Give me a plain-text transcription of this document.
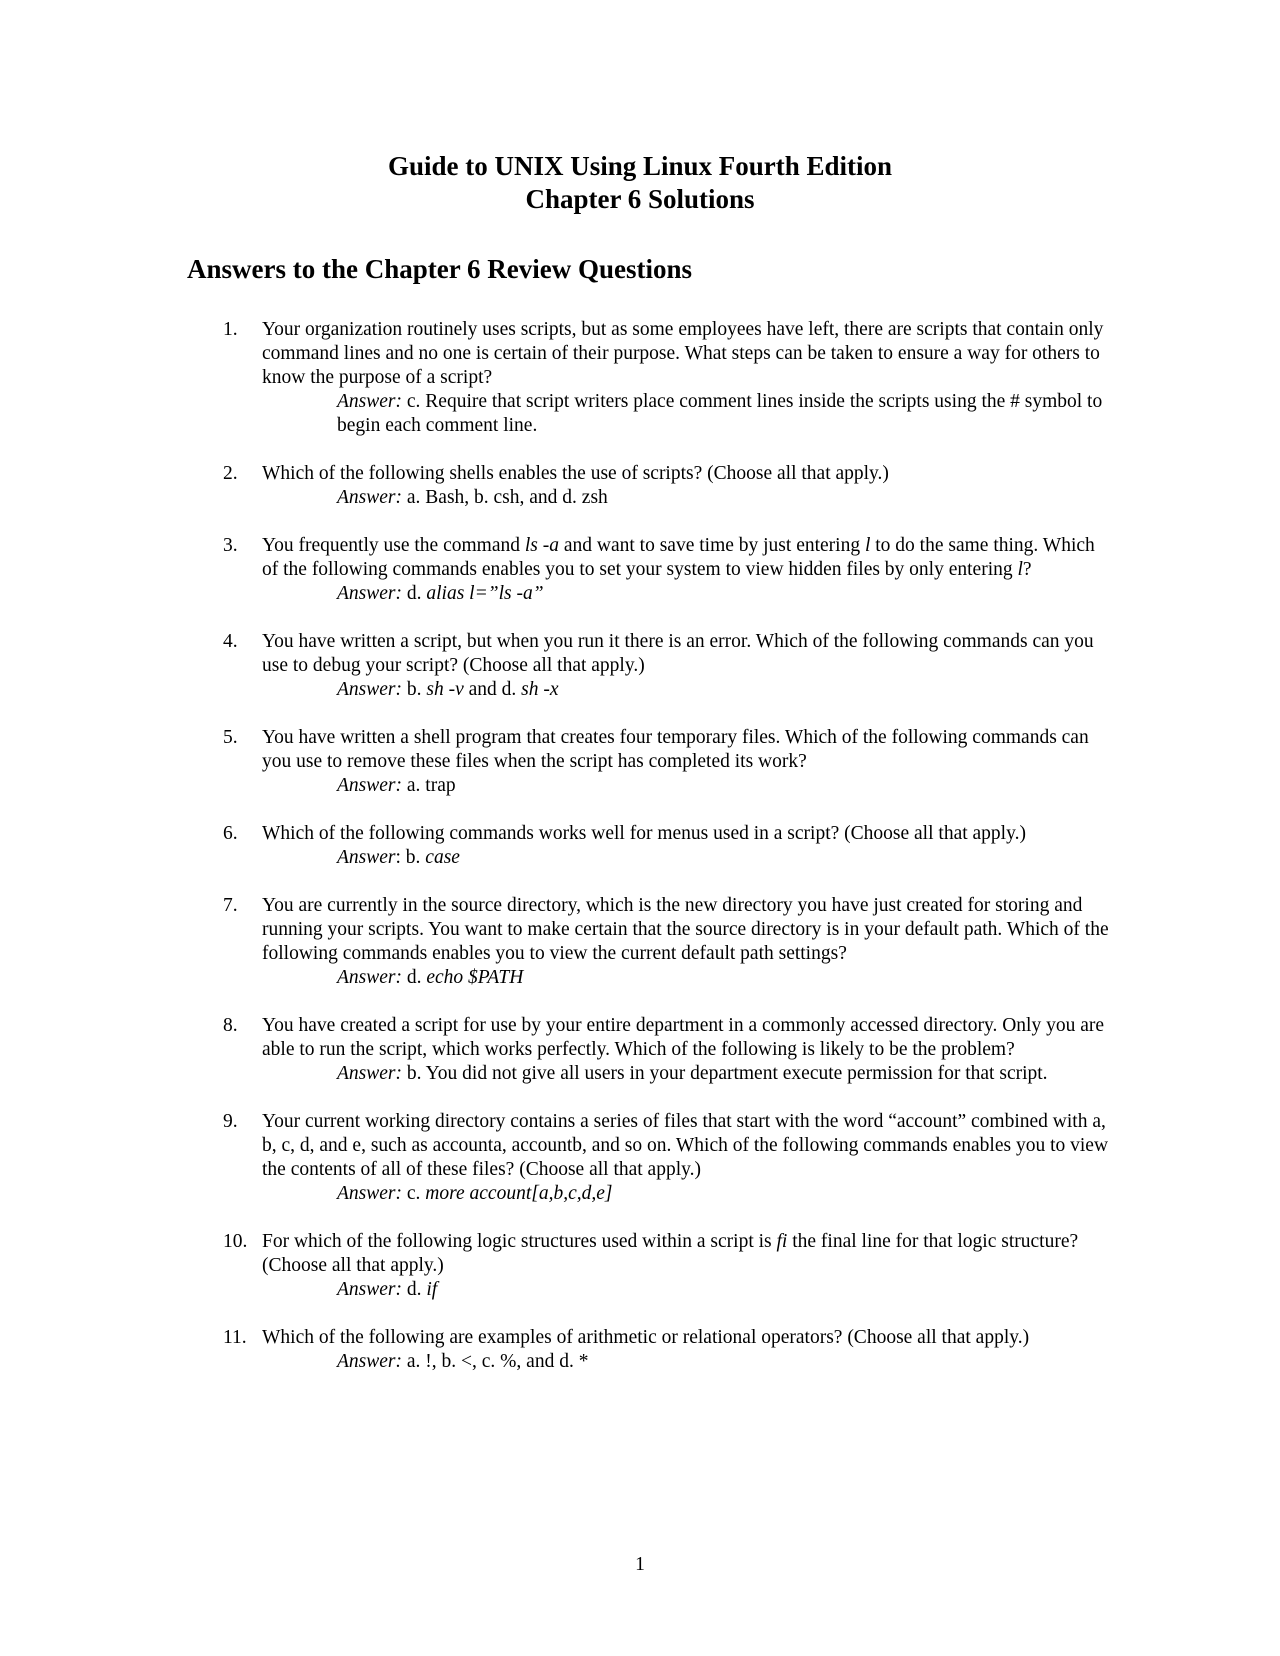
Guide to UNIX Using Linux Fourth Edition
Chapter 6 Solutions
Answers to the Chapter 6 Review Questions
1. Your organization routinely uses scripts, but as some employees have left, there are scripts that contain only command lines and no one is certain of their purpose. What steps can be taken to ensure a way for others to know the purpose of a script?

Answer: c. Require that script writers place comment lines inside the scripts using the # symbol to begin each comment line.

2. Which of the following shells enables the use of scripts? (Choose all that apply.)

Answer: a. Bash, b. csh, and d. zsh

3. You frequently use the command ls -a and want to save time by just entering l to do the same thing. Which of the following commands enables you to set your system to view hidden files by only entering l?

Answer: d. alias l=”ls -a”

4. You have written a script, but when you run it there is an error. Which of the following commands can you use to debug your script? (Choose all that apply.)

Answer: b. sh -v and d. sh -x

5. You have written a shell program that creates four temporary files. Which of the following commands can you use to remove these files when the script has completed its work?

Answer: a. trap

6. Which of the following commands works well for menus used in a script? (Choose all that apply.)

Answer: b. case

7. You are currently in the source directory, which is the new directory you have just created for storing and running your scripts. You want to make certain that the source directory is in your default path. Which of the following commands enables you to view the current default path settings?

Answer: d. echo $PATH

8. You have created a script for use by your entire department in a commonly accessed directory. Only you are able to run the script, which works perfectly. Which of the following is likely to be the problem?

Answer: b. You did not give all users in your department execute permission for that script.

9. Your current working directory contains a series of files that start with the word “account” combined with a, b, c, d, and e, such as accounta, accountb, and so on. Which of the following commands enables you to view the contents of all of these files? (Choose all that apply.)

Answer: c. more account[a,b,c,d,e]

10. For which of the following logic structures used within a script is fi the final line for that logic structure? (Choose all that apply.)

Answer: d. if

11. Which of the following are examples of arithmetic or relational operators? (Choose all that apply.)

Answer: a. !, b. <, c. %, and d. *

1
